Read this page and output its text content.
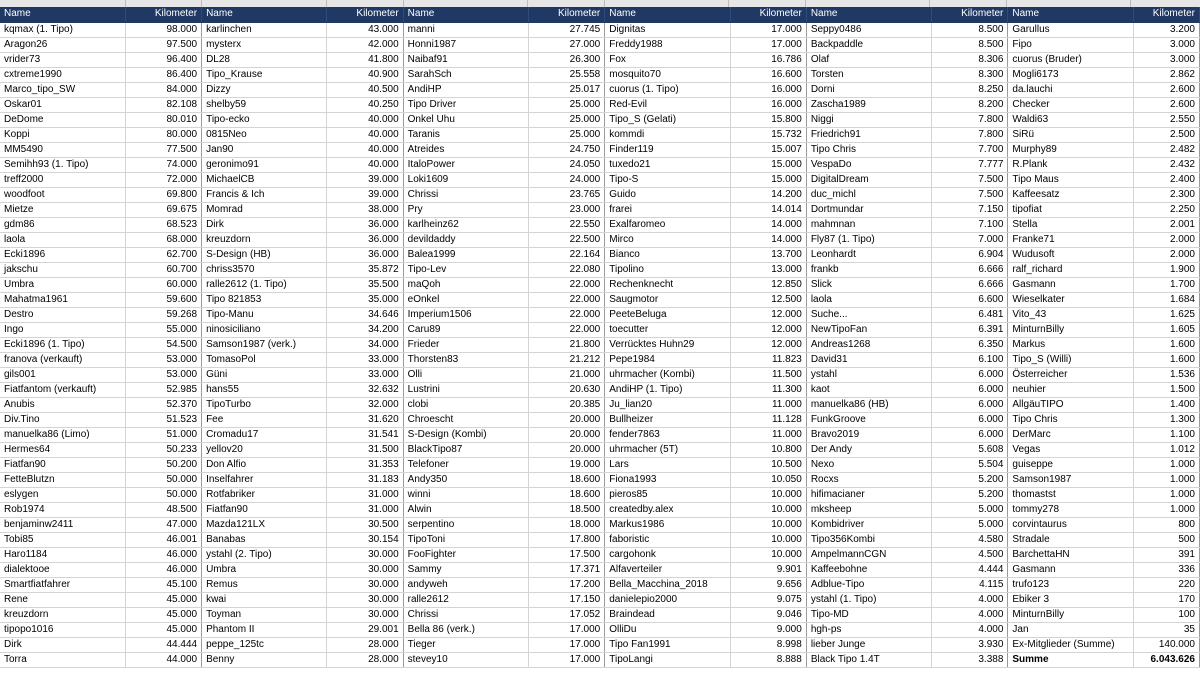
Name	Kilometer	Name	Kilometer	Name	Kilometer	Name	Kilometer	Name	Kilometer	Name	Kilometer
kqmax (1. Tipo)	98.000	karlinchen	43.000	manni	27.745	Dignitas	17.000	Seppy0486	8.500	Garullus	3.200
Aragon26	97.500	mysterx	42.000	Honni1987	27.000	Freddy1988	17.000	Backpaddle	8.500	Fipo	3.000
vrider73	96.400	DL28	41.800	Naibaf91	26.300	Fox	16.786	Olaf	8.306	cuorus (Bruder)	3.000
cxtreme1990	86.400	Tipo_Krause	40.900	SarahSch	25.558	mosquito70	16.600	Torsten	8.300	Mogli6173	2.862
Marco_tipo_SW	84.000	Dizzy	40.500	AndiHP	25.017	cuorus (1. Tipo)	16.000	Dorni	8.250	da.lauchi	2.600
Oskar01	82.108	shelby59	40.250	Tipo Driver	25.000	Red-Evil	16.000	Zascha1989	8.200	Checker	2.600
DeDome	80.010	Tipo-ecko	40.000	Onkel Uhu	25.000	Tipo_S (Gelati)	15.800	Niggi	7.800	Waldi63	2.550
Koppi	80.000	0815Neo	40.000	Taranis	25.000	kommdi	15.732	Friedrich91	7.800	SiRü	2.500
MM5490	77.500	Jan90	40.000	Atreides	24.750	Finder119	15.007	Tipo Chris	7.700	Murphy89	2.482
Semihh93 (1. Tipo)	74.000	geronimo91	40.000	ItaloPower	24.050	tuxedo21	15.000	VespaDo	7.777	R.Plank	2.432
treff2000	72.000	MichaelCB	39.000	Loki1609	24.000	Tipo-S	15.000	DigitalDream	7.500	Tipo Maus	2.400
woodfoot	69.800	Francis & Ich	39.000	Chrissi	23.765	Guido	14.200	duc_michl	7.500	Kaffeesatz	2.300
Mietze	69.675	Momrad	38.000	Pry	23.000	frarei	14.014	Dortmundar	7.150	tipofiat	2.250
gdm86	68.523	Dirk	36.000	karlheinz62	22.550	Exalfaromeo	14.000	mahmnan	7.100	Stella	2.001
laola	68.000	kreuzdorn	36.000	devildaddy	22.500	Mirco	14.000	Fly87 (1. Tipo)	7.000	Franke71	2.000
Ecki1896	62.700	S-Design (HB)	36.000	Balea1999	22.164	Bianco	13.700	Leonhardt	6.904	Wudusoft	2.000
jakschu	60.700	chriss3570	35.872	Tipo-Lev	22.080	Tipolino	13.000	frankb	6.666	ralf_richard	1.900
Umbra	60.000	ralle2612 (1. Tipo)	35.500	maQoh	22.000	Rechenknecht	12.850	Slick	6.666	Gasmann	1.700
Mahatma1961	59.600	Tipo 821853	35.000	eOnkel	22.000	Saugmotor	12.500	laola	6.600	Wieselkater	1.684
Destro	59.268	Tipo-Manu	34.646	Imperium1506	22.000	PeeteBeluga	12.000	Suche...	6.481	Vito_43	1.625
Ingo	55.000	ninosiciliano	34.200	Caru89	22.000	toecutter	12.000	NewTipoFan	6.391	MinturnBilly	1.605
Ecki1896 (1. Tipo)	54.500	Samson1987 (verk.)	34.000	Frieder	21.800	Verrücktes Huhn29	12.000	Andreas1268	6.350	Markus	1.600
franova (verkauft)	53.000	TomasoPol	33.000	Thorsten83	21.212	Pepe1984	11.823	David31	6.100	Tipo_S (Willi)	1.600
gils001	53.000	Güni	33.000	Olli	21.000	uhrmacher (Kombi)	11.500	ystahl	6.000	Österreicher	1.536
Fiatfantom (verkauft)	52.985	hans55	32.632	Lustrini	20.630	AndiHP (1. Tipo)	11.300	kaot	6.000	neuhier	1.500
Anubis	52.370	TipoTurbo	32.000	clobi	20.385	Ju_lian20	11.000	manuelka86 (HB)	6.000	AllgäuTIPO	1.400
Div.Tino	51.523	Fee	31.620	Chroescht	20.000	Bullheizer	11.128	FunkGroove	6.000	Tipo Chris	1.300
manuelka86 (Limo)	51.000	Cromadu17	31.541	S-Design (Kombi)	20.000	fender7863	11.000	Bravo2019	6.000	DerMarc	1.100
Hermes64	50.233	yellov20	31.500	BlackTipo87	20.000	uhrmacher (5T)	10.800	Der Andy	5.608	Vegas	1.012
Fiatfan90	50.200	Don Alfio	31.353	Telefoner	19.000	Lars	10.500	Nexo	5.504	guiseppe	1.000
FetteBlutzn	50.000	Inselfahrer	31.183	Andy350	18.600	Fiona1993	10.050	Rocxs	5.200	Samson1987	1.000
eslygen	50.000	Rotfabriker	31.000	winni	18.600	pieros85	10.000	hifimacianer	5.200	thomastst	1.000
Rob1974	48.500	Fiatfan90	31.000	Alwin	18.500	createdby.alex	10.000	mksheep	5.000	tommy278	1.000
benjaminw2411	47.000	Mazda121LX	30.500	serpentino	18.000	Markus1986	10.000	Kombidriver	5.000	corvintaurus	800
Tobi85	46.001	Banabas	30.154	TipoToni	17.800	faboristic	10.000	Tipo356Kombi	4.580	Stradale	500
Haro1184	46.000	ystahl (2. Tipo)	30.000	FooFighter	17.500	cargohonk	10.000	AmpelmannCGN	4.500	BarchettaHN	391
dialektooe	46.000	Umbra	30.000	Sammy	17.371	Alfaverteiler	9.901	Kaffeebohne	4.444	Gasmann	336
Smartfiatfahrer	45.100	Remus	30.000	andyweh	17.200	Bella_Macchina_2018	9.656	Adblue-Tipo	4.115	trufo123	220
Rene	45.000	kwai	30.000	ralle2612	17.150	danielepio2000	9.075	ystahl (1. Tipo)	4.000	Ebiker 3	170
kreuzdorn	45.000	Toyman	30.000	Chrissi	17.052	Braindead	9.046	Tipo-MD	4.000	MinturnBilly	100
tipopo1016	45.000	Phantom II	29.001	Bella 86 (verk.)	17.000	OlliDu	9.000	hgh-ps	4.000	Jan	35
Dirk	44.444	peppe_125tc	28.000	Tieger	17.000	Tipo Fan1991	8.998	lieber Junge	3.930	Ex-Mitglieder (Summe)	140.000
Torra	44.000	Benny	28.000	stevey10	17.000	TipoLangi	8.888	Black Tipo 1.4T	3.388	Summe	6.043.626
